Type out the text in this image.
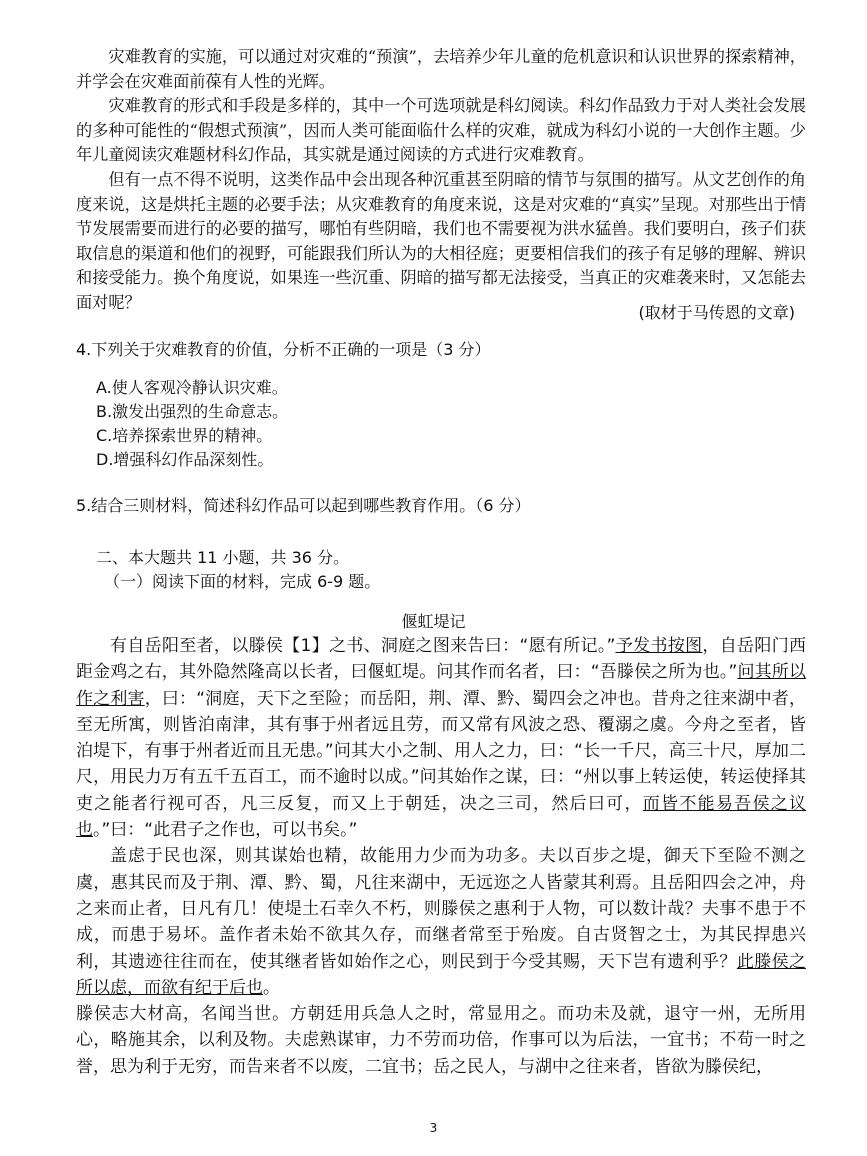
灾难教育的实施，可以通过对灾难的“预演”，去培养少年儿童的危机意识和认识世界的探索精神，并学会在灾难面前葆有人性的光辉。

灾难教育的形式和手段是多样的，其中一个可选项就是科幻阅读。科幻作品致力于对人类社会发展的多种可能性的“假想式预演”，因而人类可能面临什么样的灾难，就成为科幻小说的一大创作主题。少年儿童阅读灾难题材科幻作品，其实就是通过阅读的方式进行灾难教育。

但有一点不得不说明，这类作品中会出现各种沉重甚至阴暗的情节与氛围的描写。从文艺创作的角度来说，这是烘托主题的必要手法；从灾难教育的角度来说，这是对灾难的“真实”呈现。对那些出于情节发展需要而进行的必要的描写，哪怕有些阴暗，我们也不需要视为洪水猛兽。我们要明白，孩子们获取信息的渠道和他们的视野，可能跟我们所认为的大相径庭；更要相信我们的孩子有足够的理解、辨识和接受能力。换个角度说，如果连一些沉重、阴暗的描写都无法接受，当真正的灾难袭来时，又怎能去面对呢？

(取材于马传恩的文章)
4.下列关于灾难教育的价值，分析不正确的一项是（3 分）
A.使人客观冷静认识灾难。
B.激发出强烈的生命意志。
C.培养探索世界的精神。
D.增强科幻作品深刻性。
5.结合三则材料，简述科幻作品可以起到哪些教育作用。（6 分）
二、本大题共 11 小题，共 36 分。
（一）阅读下面的材料，完成 6-9 题。
偃虹堤记

有自岳阳至者，以滕侯【1】之书、洞庭之图来告曰：“愿有所记。”予发书按图，自岳阳门西距金鸡之右，其外隐然隆高以长者，曰偃虹堤。问其作而名者，曰：“吾滕侯之所为也。”问其所以作之利害，曰：“洞庭，天下之至险；而岳阳，荆、潭、黔、蜀四会之冲也。昔舟之往来湖中者，至无所寓，则皆泊南津，其有事于州者远且劳，而又常有风波之恐、覆溺之虞。今舟之至者，皆泊堤下，有事于州者近而且无患。”问其大小之制、用人之力，曰：“长一千尺，高三十尺，厚加二尺，用民力万有五千五百工，而不逾时以成。”问其始作之谋，曰：“州以事上转运使，转运使择其吏之能者行视可否，凡三反复，而又上于朝廷，决之三司，然后曰可，而皆不能易吾侯之议也。”曰：“此君子之作也，可以书矣。”

盖虑于民也深，则其谋始也精，故能用力少而为功多。夫以百步之堤，御天下至险不测之虞，惠其民而及于荆、潭、黔、蜀，凡往来湖中，无远迩之人皆蒙其利焉。且岳阳四会之冲，舟之来而止者，日凡有几！使堤土石幸久不朽，则滕侯之惠利于人物，可以数计哉？夫事不患于不成，而患于易坏。盖作者未始不欲其久存，而继者常至于殆废。自古贤智之士，为其民捍患兴利，其遗迹往往而在，使其继者皆如始作之心，则民到于今受其赐，天下岂有遗利乎？此滕侯之所以虑，而欲有纪于后也。

滕侯志大材高，名闻当世。方朝廷用兵急人之时，常显用之。而功未及就，退守一州，无所用心，略施其余，以利及物。夫虑熟谋审，力不劳而功倍，作事可以为后法，一宜书；不苟一时之誉，思为利于无穷，而告来者不以废，二宜书；岳之民人，与湖中之往来者，皆欲为滕侯纪，

3
